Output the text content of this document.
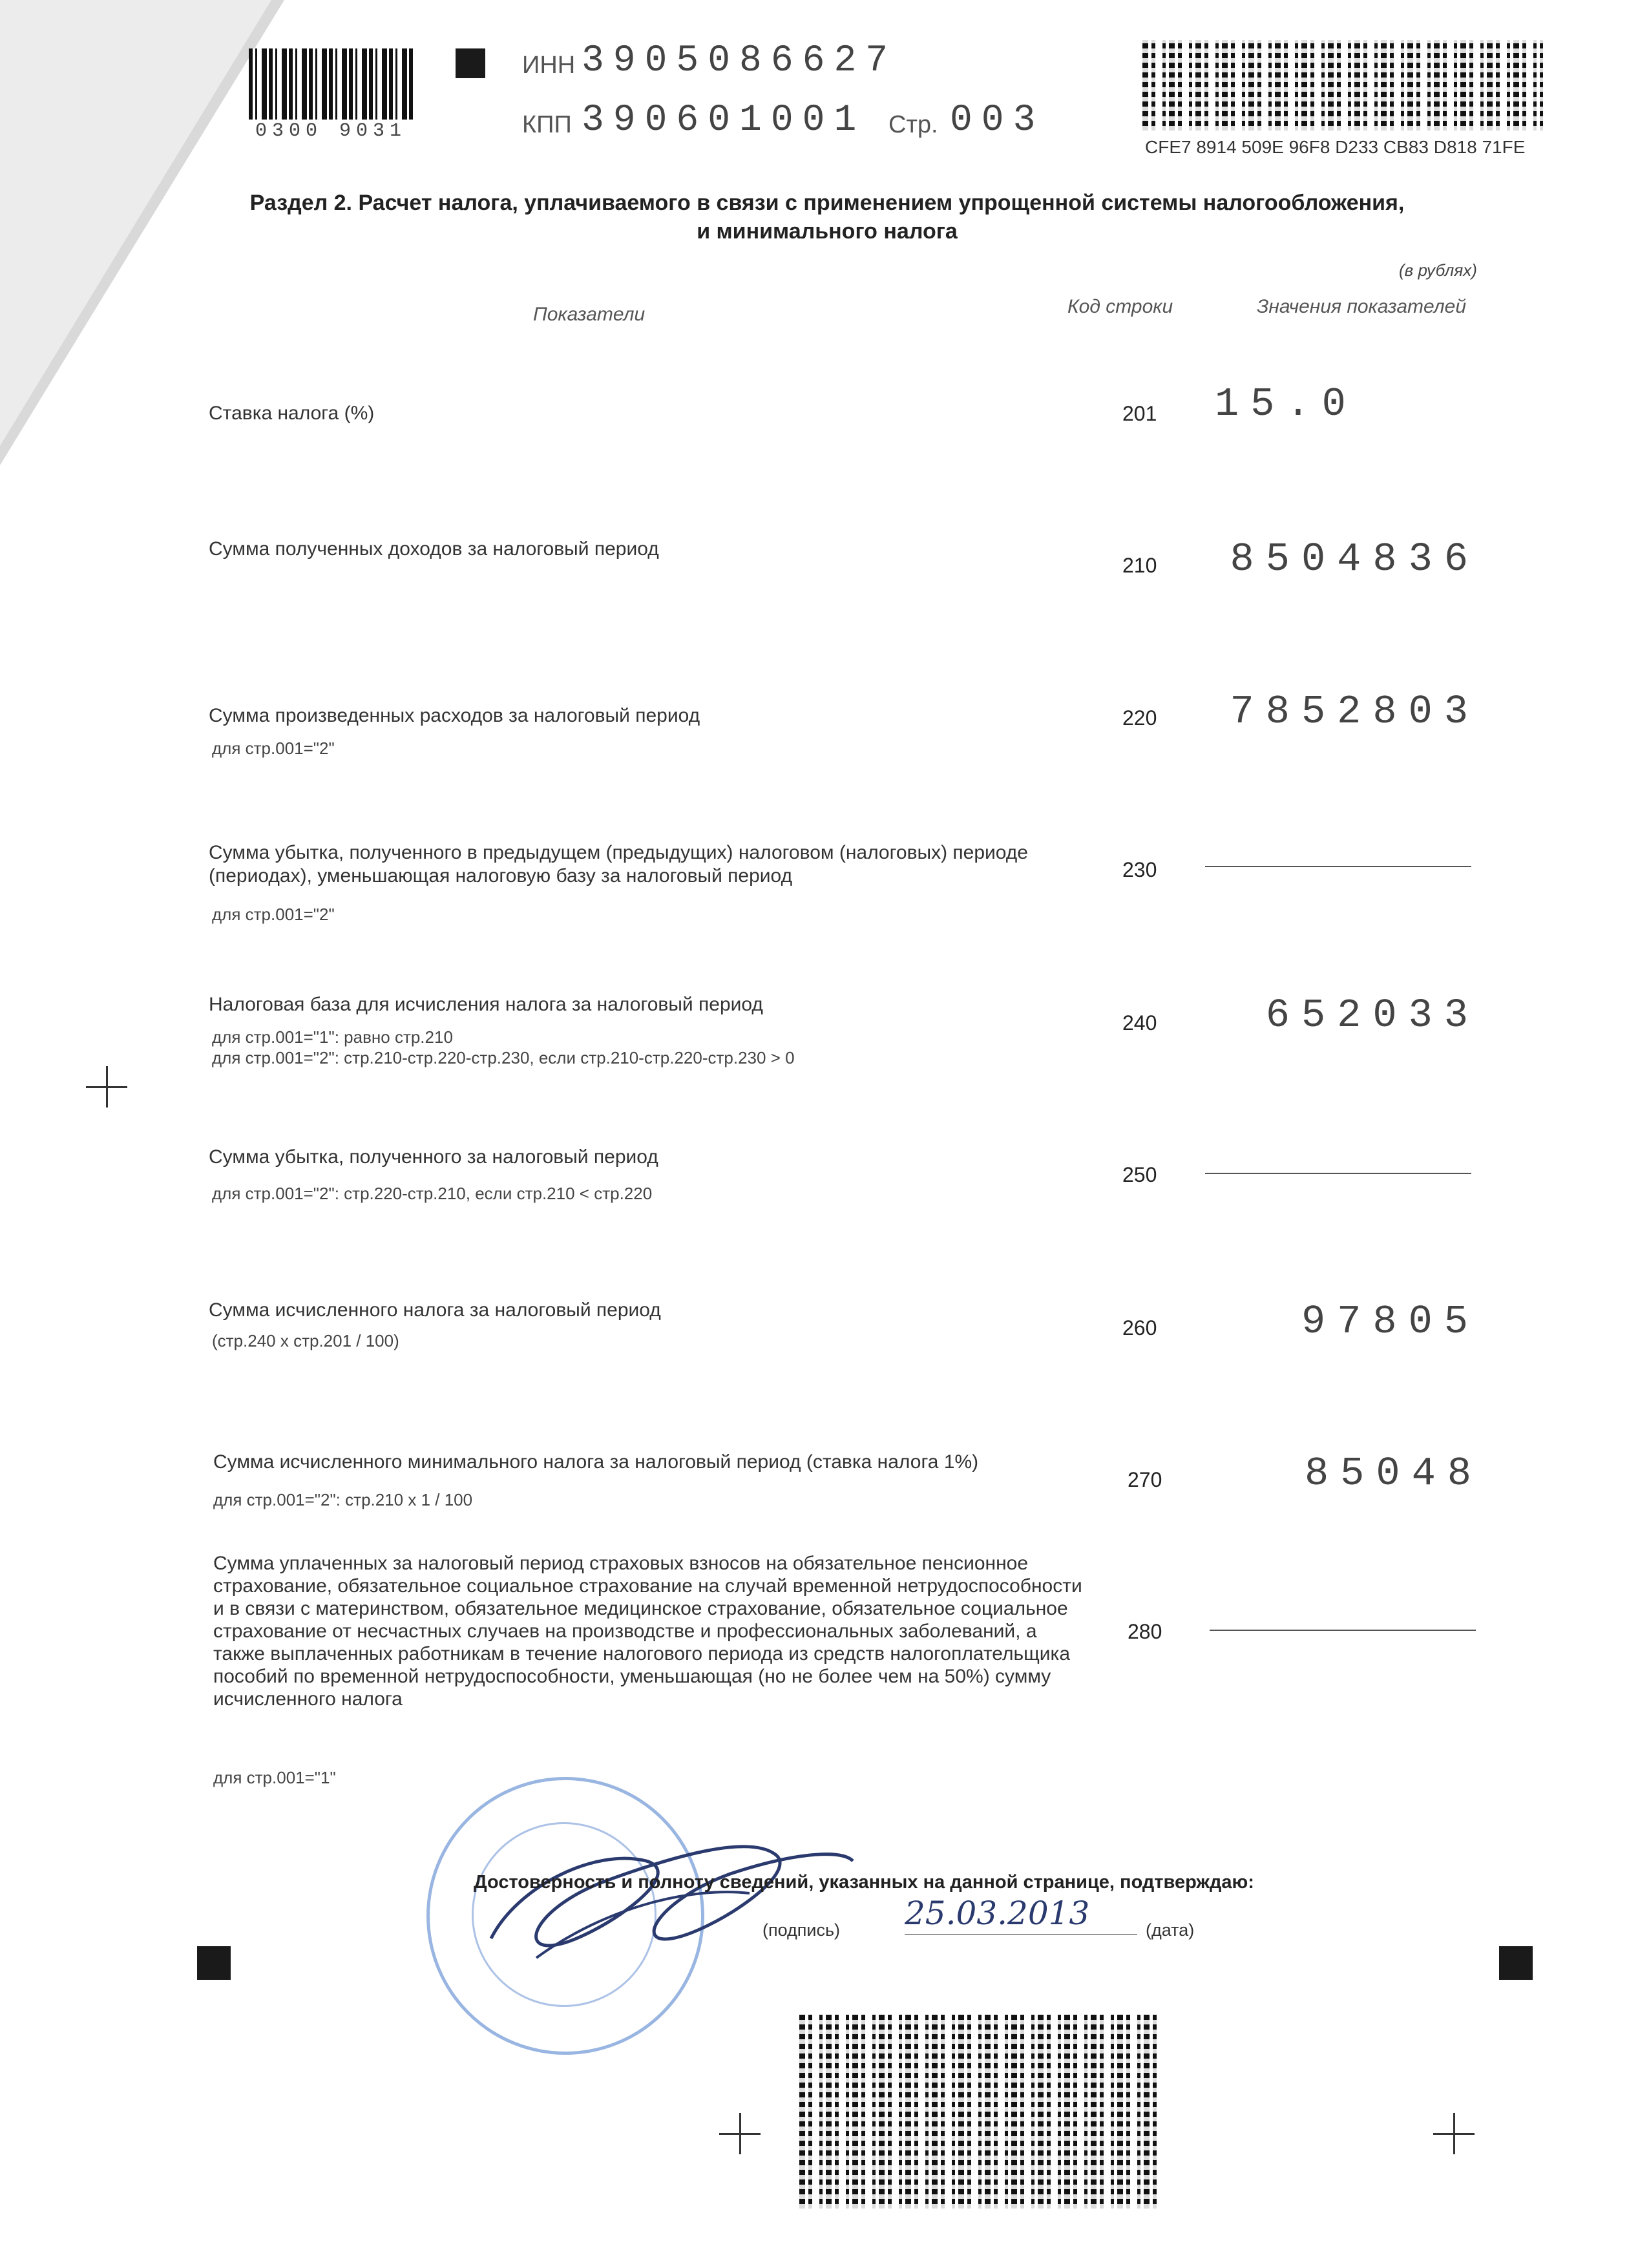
0300 9031
ИНН 3905086627
КПП 390601001 Стр. 003
CFE7 8914 509E 96F8 D233 CB83 D818 71FE
Раздел 2. Расчет налога, уплачиваемого в связи с применением упрощенной системы налогообложения,
и минимального налога
(в рублях)
Показатели	Код строки	Значения показателей
Ставка налога (%)	201	15.0
Сумма полученных доходов за налоговый период
210	8504836
Сумма произведенных расходов за налоговый период
для стр.001="2"
220	7852803
Сумма убытка, полученного в предыдущем (предыдущих) налоговом (налоговых) периоде (периодах), уменьшающая налоговую базу за налоговый период
для стр.001="2"
230
Налоговая база для исчисления налога за налоговый период
для стр.001="1": равно стр.210
для стр.001="2": стр.210-стр.220-стр.230, если стр.210-стр.220-стр.230 > 0
240	652033
Сумма убытка, полученного за налоговый период
для стр.001="2": стр.220-стр.210, если стр.210 < стр.220
250
Сумма исчисленного налога за налоговый период
(стр.240 х стр.201 / 100)
260	97805
Сумма исчисленного минимального налога за налоговый период (ставка налога 1%)
для стр.001="2": стр.210 х 1 / 100
270	85048
Сумма уплаченных за налоговый период страховых взносов на обязательное пенсионное страхование, обязательное социальное страхование на случай временной нетрудоспособности и в связи с материнством, обязательное медицинское страхование, обязательное социальное страхование от несчастных случаев на производстве и профессиональных заболеваний, а также выплаченных работникам в течение налогового периода из средств налогоплательщика пособий по временной нетрудоспособности, уменьшающая (но не более чем на 50%) сумму исчисленного налога
для стр.001="1"
280
Достоверность и полноту сведений, указанных на данной странице, подтверждаю:
(подпись) 25.03.2013	(дата)
